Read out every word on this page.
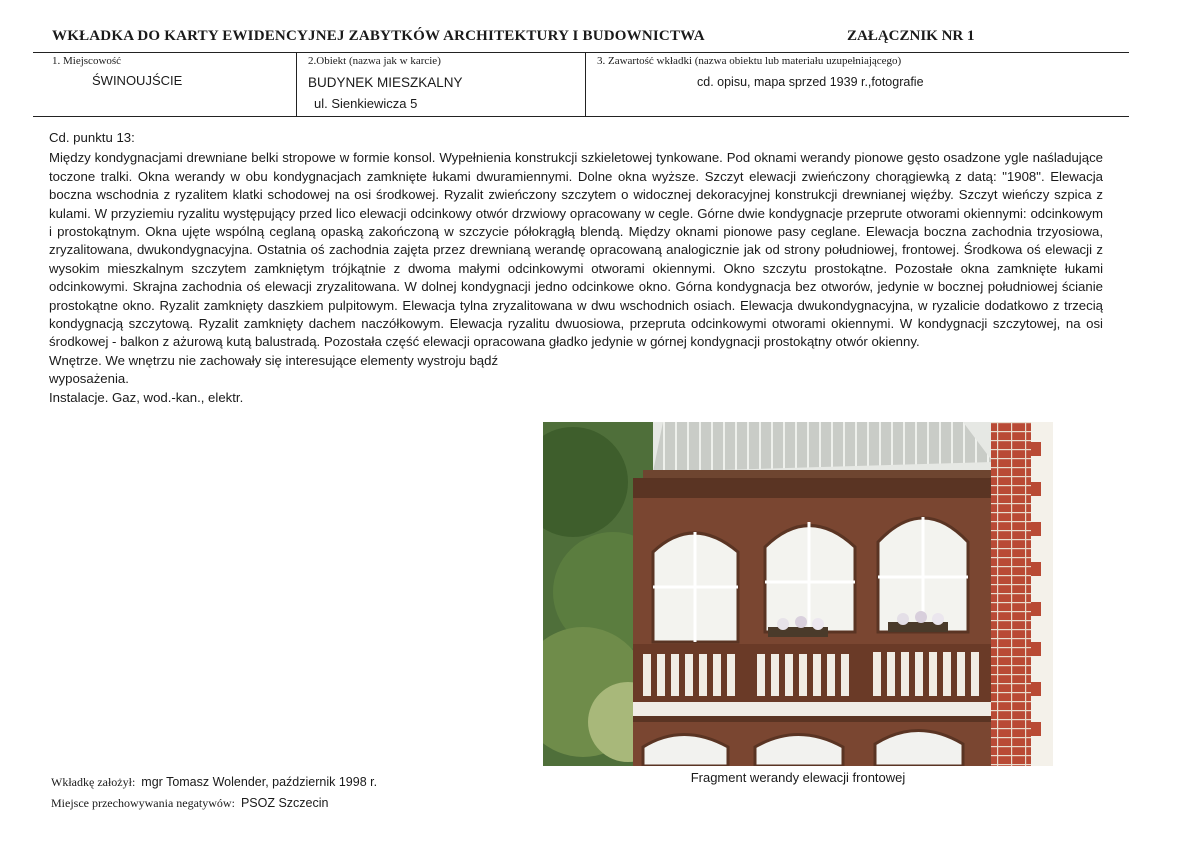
WKŁADKA DO KARTY EWIDENCYJNEJ ZABYTKÓW ARCHITEKTURY I BUDOWNICTWA	ZAŁĄCZNIK NR 1
1. Miejscowość
ŚWINOUJŚCIE
2.Obiekt (nazwa jak w karcie)
BUDYNEK MIESZKALNY
ul. Sienkiewicza 5
3. Zawartość wkładki (nazwa obiektu lub materiału uzupełniającego)
cd. opisu, mapa sprzed 1939 r.,fotografie

Cd. punktu 13:

Między kondygnacjami drewniane belki stropowe w formie konsol. Wypełnienia konstrukcji szkieletowej tynkowane. Pod oknami werandy pionowe gęsto osadzone ygle naśladujące toczone tralki. Okna werandy w obu kondygnacjach zamknięte łukami dwuramiennymi. Dolne okna wyższe. Szczyt elewacji zwieńczony chorągiewką z datą: "1908". Elewacja boczna wschodnia z ryzalitem klatki schodowej na osi środkowej. Ryzalit zwieńczony szczytem o widocznej dekoracyjnej konstrukcji drewnianej więźby. Szczyt wieńczy szpica z kulami. W przyziemiu ryzalitu występujący przed lico elewacji odcinkowy otwór drzwiowy opracowany w cegle. Górne dwie kondygnacje przeprute otworami okiennymi: odcinkowym i prostokątnym. Okna ujęte wspólną ceglaną opaską zakończoną w szczycie półokrągłą blendą. Między oknami pionowe pasy ceglane. Elewacja boczna zachodnia trzyosiowa, zryzalitowana, dwukondygnacyjna. Ostatnia oś zachodnia zajęta przez drewnianą werandę opracowaną analogicznie jak od strony południowej, frontowej. Środkowa oś elewacji z wysokim mieszkalnym szczytem zamkniętym trójkątnie z dwoma małymi odcinkowymi otworami okiennymi. Okno szczytu prostokątne. Pozostałe okna zamknięte łukami odcinkowymi. Skrajna zachodnia oś elewacji zryzalitowana. W dolnej kondygnacji jedno odcinkowe okno. Górna kondygnacja bez otworów, jedynie w bocznej południowej ścianie prostokątne okno. Ryzalit zamknięty daszkiem pulpitowym. Elewacja tylna zryzalitowana w dwu wschodnich osiach. Elewacja dwukondygnacyjna, w ryzalicie dodatkowo z trzecią kondygnacją szczytową. Ryzalit zamknięty dachem naczółkowym. Elewacja ryzalitu dwuosiowa, przepruta odcinkowymi otworami okiennymi. W kondygnacji szczytowej, na osi środkowej - balkon z ażurową kutą balustradą. Pozostała część elewacji opracowana gładko jedynie w górnej kondygnacji prostokątny otwór okienny.

Wnętrze. We wnętrzu nie zachowały się interesujące elementy wystroju bądź wyposażenia.

Instalacje. Gaz, wod.-kan., elektr.

Fragment werandy elewacji frontowej
Wkładkę założył: mgr Tomasz Wolender, październik 1998 r.
Miejsce przechowywania negatywów: PSOZ Szczecin
